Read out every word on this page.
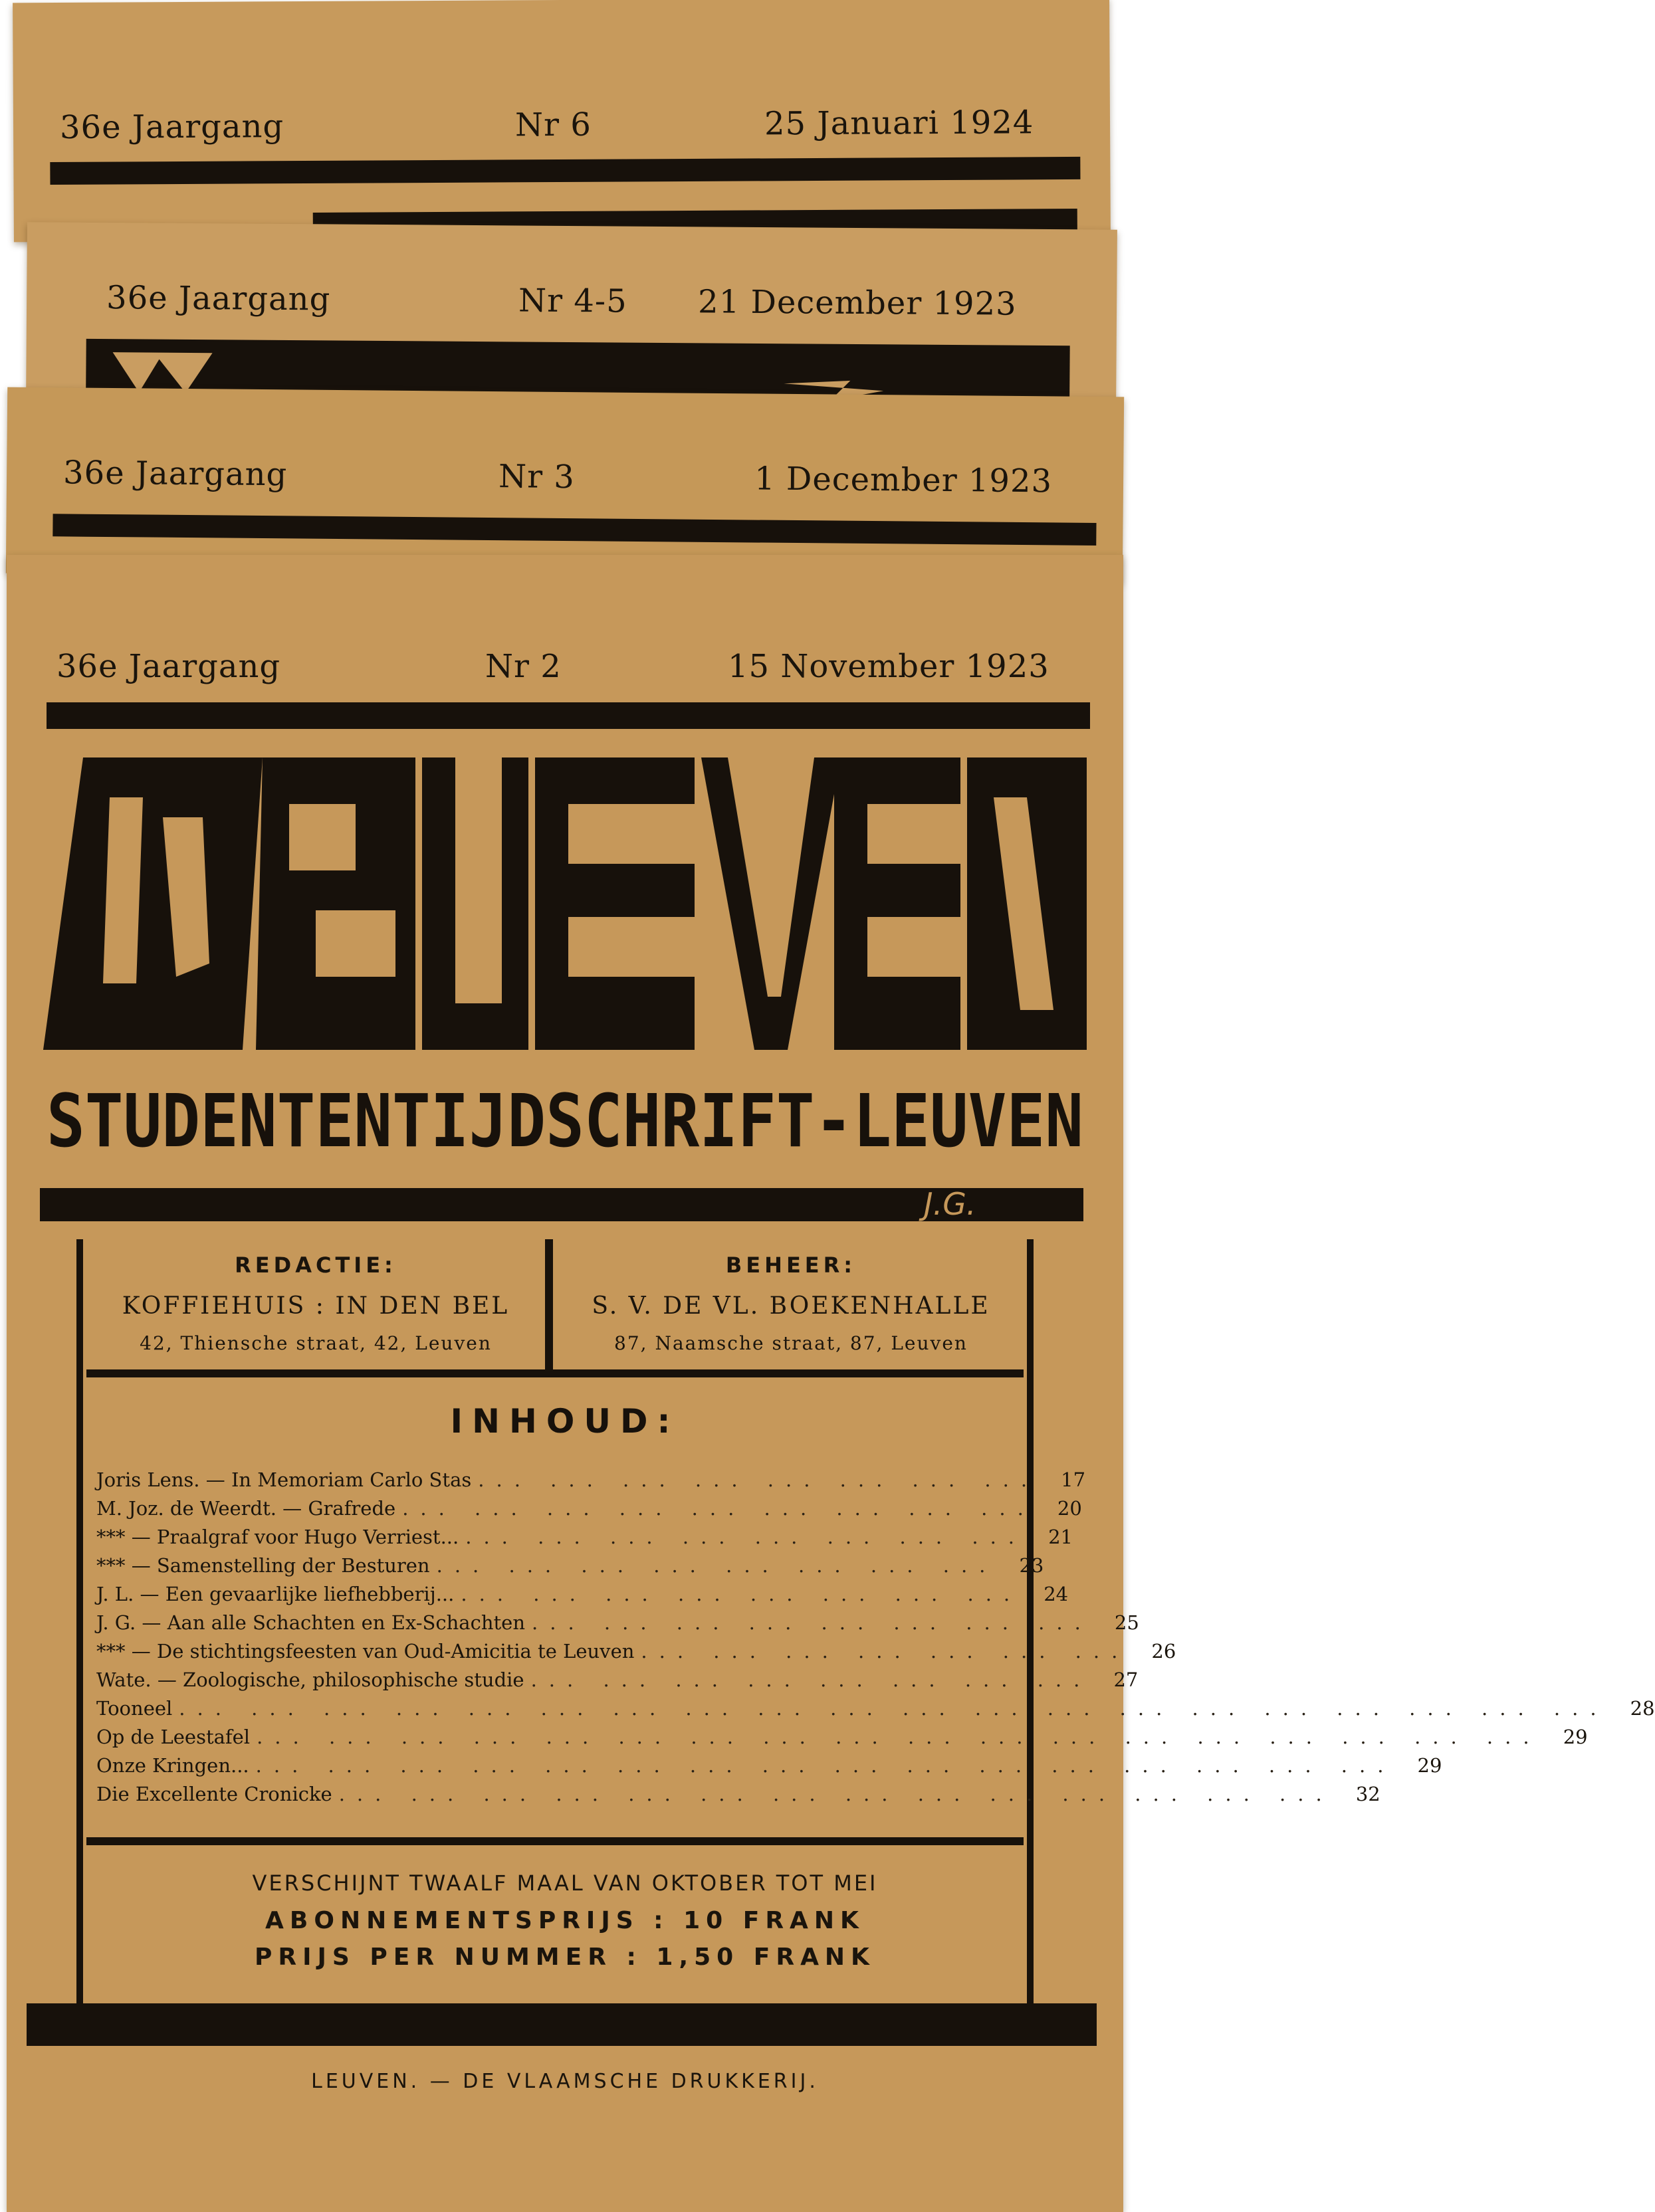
36e Jaargang	Nr 6	25 Januari 1924
36e Jaargang	Nr 4-5 21 December 1923
36e Jaargang	Nr 3	1 December 1923
36e Jaargang	Nr 2	15 November 1923
STUDENTENTIJDSCHRIFT-LEUVEN
J.G.
REDACTIE:
KOFFIEHUIS : IN DEN BEL
42, Thiensche straat, 42, Leuven
BEHEER:
S. V. DE VL. BOEKENHALLE
87, Naamsche straat, 87, Leuven
INHOUD:
Joris Lens. — In Memoriam Carlo Stas ... ... ... ... ... ... ... ...	17
M. Joz. de Weerdt. — Grafrede ... ... ... ... ... ... ... ... ...	20
*** — Praalgraf voor Hugo Verriest... ... ... ... ... ... ... ... ...	21
*** — Samenstelling der Besturen ... ... ... ... ... ... ... ...	23
J. L. — Een gevaarlijke liefhebberij... ... ... ... ... ... ... ... ...	24
J. G. — Aan alle Schachten en Ex-Schachten ... ... ... ... ... ... ... ...	25
*** — De stichtingsfeesten van Oud-Amicitia te Leuven ... ... ... ... ... ... ...	26
Wate. — Zoologische, philosophische studie ... ... ... ... ... ... ... ...	27
Tooneel ... ... ... ... ... ... ... ... ... ... ... ... ... ... ... ... ... ... ... ...	28
Op de Leestafel ... ... ... ... ... ... ... ... ... ... ... ... ... ... ... ... ... ...	29
Onze Kringen... ... ... ... ... ... ... ... ... ... ... ... ... ... ... ... ...	29
Die Excellente Cronicke ... ... ... ... ... ... ... ... ... ... ... ... ... ...	32
VERSCHIJNT TWAALF MAAL VAN OKTOBER TOT MEI
ABONNEMENTSPRIJS : 10 FRANK
PRIJS PER NUMMER : 1,50 FRANK
LEUVEN. — DE VLAAMSCHE DRUKKERIJ.
